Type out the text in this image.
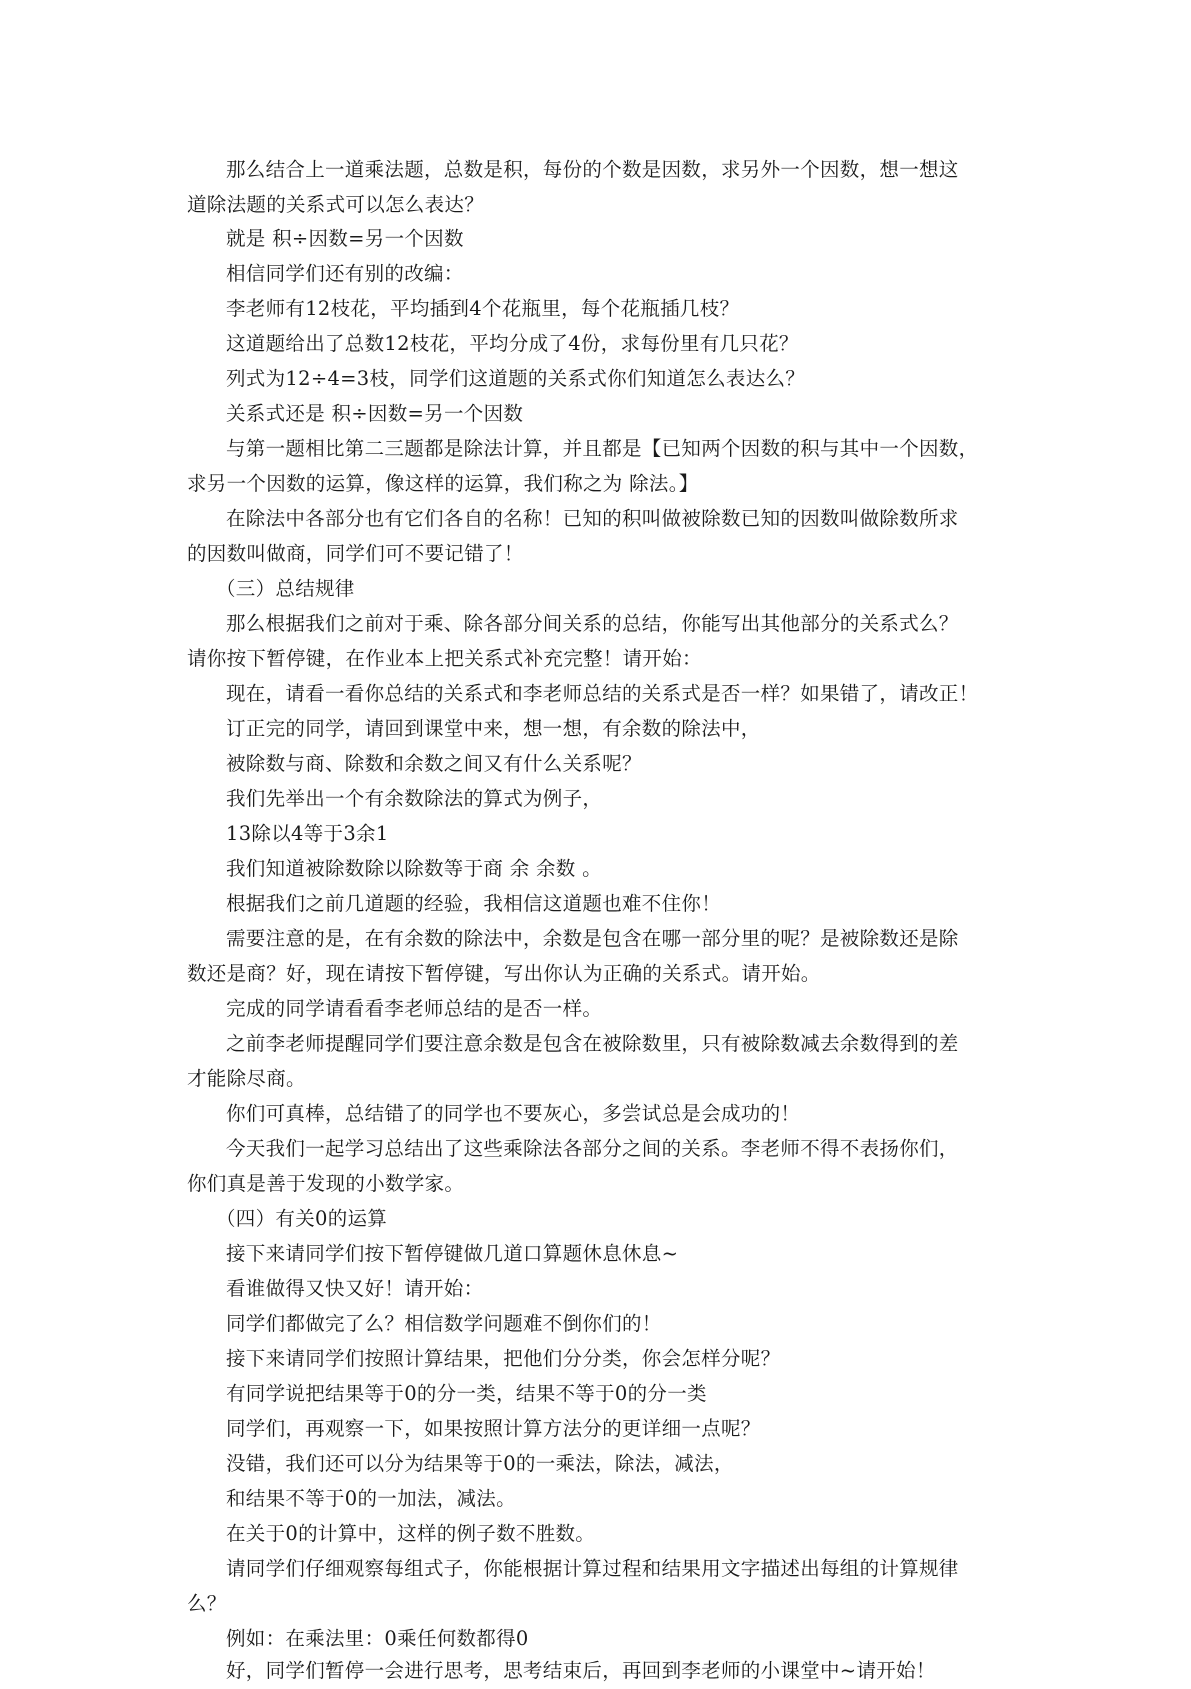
那么结合上一道乘法题，总数是积，每份的个数是因数，求另外一个因数，想一想这

道除法题的关系式可以怎么表达？

就是 积÷因数=另一个因数

相信同学们还有别的改编：

李老师有12枝花，平均插到4个花瓶里，每个花瓶插几枝？

这道题给出了总数12枝花，平均分成了4份，求每份里有几只花？

列式为12÷4=3枝，同学们这道题的关系式你们知道怎么表达么？

关系式还是 积÷因数=另一个因数

与第一题相比第二三题都是除法计算，并且都是【已知两个因数的积与其中一个因数，

求另一个因数的运算，像这样的运算，我们称之为 除法。】

在除法中各部分也有它们各自的名称！已知的积叫做被除数已知的因数叫做除数所求

的因数叫做商，同学们可不要记错了！

（三）总结规律

那么根据我们之前对于乘、除各部分间关系的总结，你能写出其他部分的关系式么？

请你按下暂停键，在作业本上把关系式补充完整！请开始：

现在，请看一看你总结的关系式和李老师总结的关系式是否一样？如果错了，请改正！

订正完的同学，请回到课堂中来，想一想，有余数的除法中，

被除数与商、除数和余数之间又有什么关系呢？

我们先举出一个有余数除法的算式为例子，

13除以4等于3余1

我们知道被除数除以除数等于商 余 余数 。

根据我们之前几道题的经验，我相信这道题也难不住你！

需要注意的是，在有余数的除法中，余数是包含在哪一部分里的呢？是被除数还是除

数还是商？好，现在请按下暂停键，写出你认为正确的关系式。请开始。

完成的同学请看看李老师总结的是否一样。

之前李老师提醒同学们要注意余数是包含在被除数里，只有被除数减去余数得到的差

才能除尽商。

你们可真棒，总结错了的同学也不要灰心，多尝试总是会成功的！

今天我们一起学习总结出了这些乘除法各部分之间的关系。李老师不得不表扬你们，

你们真是善于发现的小数学家。

（四）有关0的运算

接下来请同学们按下暂停键做几道口算题休息休息~

看谁做得又快又好！请开始：

同学们都做完了么？相信数学问题难不倒你们的！

接下来请同学们按照计算结果，把他们分分类，你会怎样分呢？

有同学说把结果等于0的分一类，结果不等于0的分一类

同学们，再观察一下，如果按照计算方法分的更详细一点呢？

没错，我们还可以分为结果等于0的一乘法，除法，减法，

和结果不等于0的一加法，减法。

在关于0的计算中，这样的例子数不胜数。

请同学们仔细观察每组式子，你能根据计算过程和结果用文字描述出每组的计算规律

么？

例如：在乘法里：0乘任何数都得0

好，同学们暂停一会进行思考，思考结束后，再回到李老师的小课堂中~请开始！
